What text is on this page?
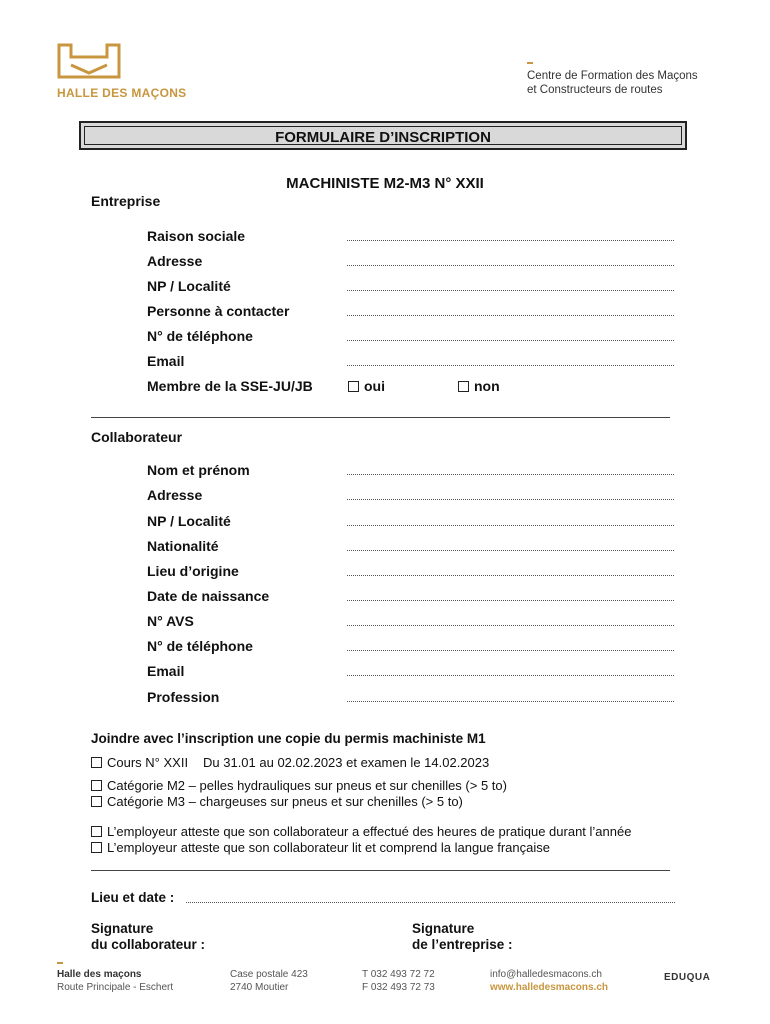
HALLE DES MAÇONS
Centre de Formation des Maçons
et Constructeurs de routes
FORMULAIRE D’INSCRIPTION
MACHINISTE M2-M3 N° XXII
Entreprise
Raison sociale
Adresse
NP / Localité
Personne à contacter
N° de téléphone
Email
Membre de la SSE-JU/JB	oui	non
Collaborateur
Nom et prénom
Adresse
NP / Localité
Nationalité
Lieu d’origine
Date de naissance
N° AVS
N° de téléphone
Email
Profession
Joindre avec l’inscription une copie du permis machiniste M1
Cours N° XXII Du 31.01 au 02.02.2023 et examen le 14.02.2023
Catégorie M2 – pelles hydrauliques sur pneus et sur chenilles (> 5 to)
Catégorie M3 – chargeuses sur pneus et sur chenilles (> 5 to)
L’employeur atteste que son collaborateur a effectué des heures de pratique durant l’année
L’employeur atteste que son collaborateur lit et comprend la langue française
Lieu et date :
Signature
du collaborateur :
Signature
de l’entreprise :
Halle des maçons
Route Principale - Eschert
Case postale 423
2740 Moutier
T 032 493 72 72
F 032 493 72 73
info@halledesmacons.ch
www.halledesmacons.ch
EDUQUA
